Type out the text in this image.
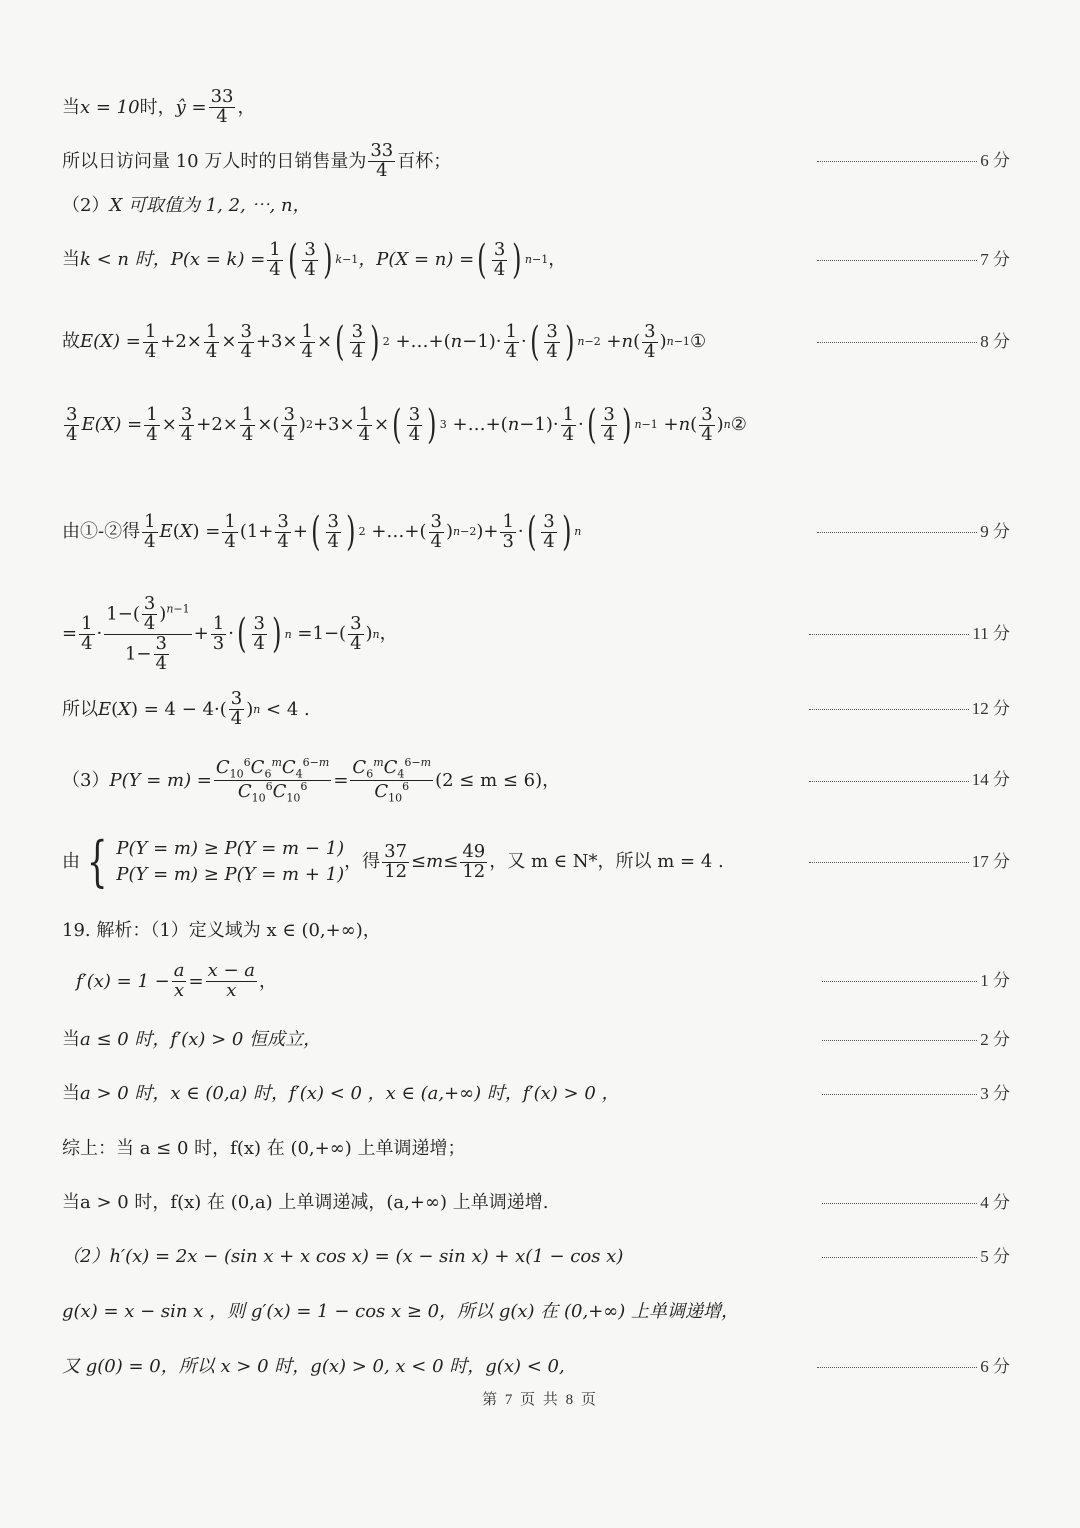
当 x = 10 时， ŷ = $\frac{33}{4}$ ，
所以日访问量 10 万人时的日销售量为 $\frac{33}{4}$ 百杯；	6 分
（2） X 可取值为 1, 2, ⋯, n，
当 k < n 时， $P(x = k) = \frac{1}{4}$ ( $\frac{3}{4}$ ) k−1 ，P(X = n) = ( $\frac{3}{4}$ ) n−1 ，	7 分
故 $E(X) = \frac{1}{4} +2\times \frac{1}{4} \times \frac{3}{4} +3\times \frac{1}{4}$ × ( $\frac{3}{4}$ ) 2 +…+( $n -1)\cdot \frac{1}{4}$ · ( $\frac{3}{4}$ ) n−2 + n ( $\frac{3}{4}$ ) n−1 ①	8 分
$\frac{3}{4} E(X) = \frac{1}{4} \times \frac{3}{4} +2\times \frac{1}{4}$ ×( $\frac{3}{4}$ ) $2 +3\times \frac{1}{4}$ × ( $\frac{3}{4}$ ) 3 +…+( $n -1)\cdot \frac{1}{4}$ · ( $\frac{3}{4}$ ) n−1 + n ( $\frac{3}{4}$ ) n ②
由①-②得 $\frac{1}{4}$ E ( X ) = $\frac{1}{4} (1+ \frac{3}{4}$ + ( $\frac{3}{4}$ ) 2 +…+( $\frac{3}{4}$ ) n−2 )+ $\frac{1}{3}$ · ( $\frac{3}{4}$ ) n	9 分
= $\frac{1}{4} \cdot \frac{1-( \frac{3}{4} )^{n-1}}{1- \frac{3}{4}} + \frac{1}{3}$ · ( $\frac{3}{4}$ ) $n =1-( \frac{3}{4}$ ) n ，	11 分
所以 E ( X ) = $4 - 4\cdot( \frac{3}{4}$ ) n < 4 .	12 分
（3） $P(Y = m) = \frac{C_{10}^6C_6^mC_4^{6-m}}{C_{10}^6C_{10}^6} = \frac{C_6^mC_4^{6-m}}{C_{10}^6} (2 \le m \le 6)$，	14 分
由 { P(Y = m) ≥ P(Y = m − 1)
P(Y = m) ≥ P(Y = m + 1)
，得 $\frac{37}{12} \le m \le \frac{49}{12}$ ，又 m ∈ N*，所以 m = 4 .	17 分
19. 解析：（1）定义域为 x ∈ (0,+∞)，
$f'(x) = 1 - \frac{a}{x} = \frac{x - a}{x}$ ，	1 分
当 a ≤ 0 时，f′(x) > 0 恒成立，	2 分
当 a > 0 时，x ∈ (0,a) 时，f′(x) < 0 ，x ∈ (a,+∞) 时，f′(x) > 0 ，	3 分
综上：当 a ≤ 0 时，f(x) 在 (0,+∞) 上单调递增；
当 a > 0 时，f(x) 在 (0,a) 上单调递减，(a,+∞) 上单调递增.	4 分
（2）h′(x) = 2x − (sin x + x cos x) = (x − sin x) + x(1 − cos x)	5 分
g(x) = x − sin x ，则 g′(x) = 1 − cos x ≥ 0，所以 g(x) 在 (0,+∞) 上单调递增，
又 g(0) = 0，所以 x > 0 时，g(x) > 0, x < 0 时，g(x) < 0,	6 分
第 7 页 共 8 页
